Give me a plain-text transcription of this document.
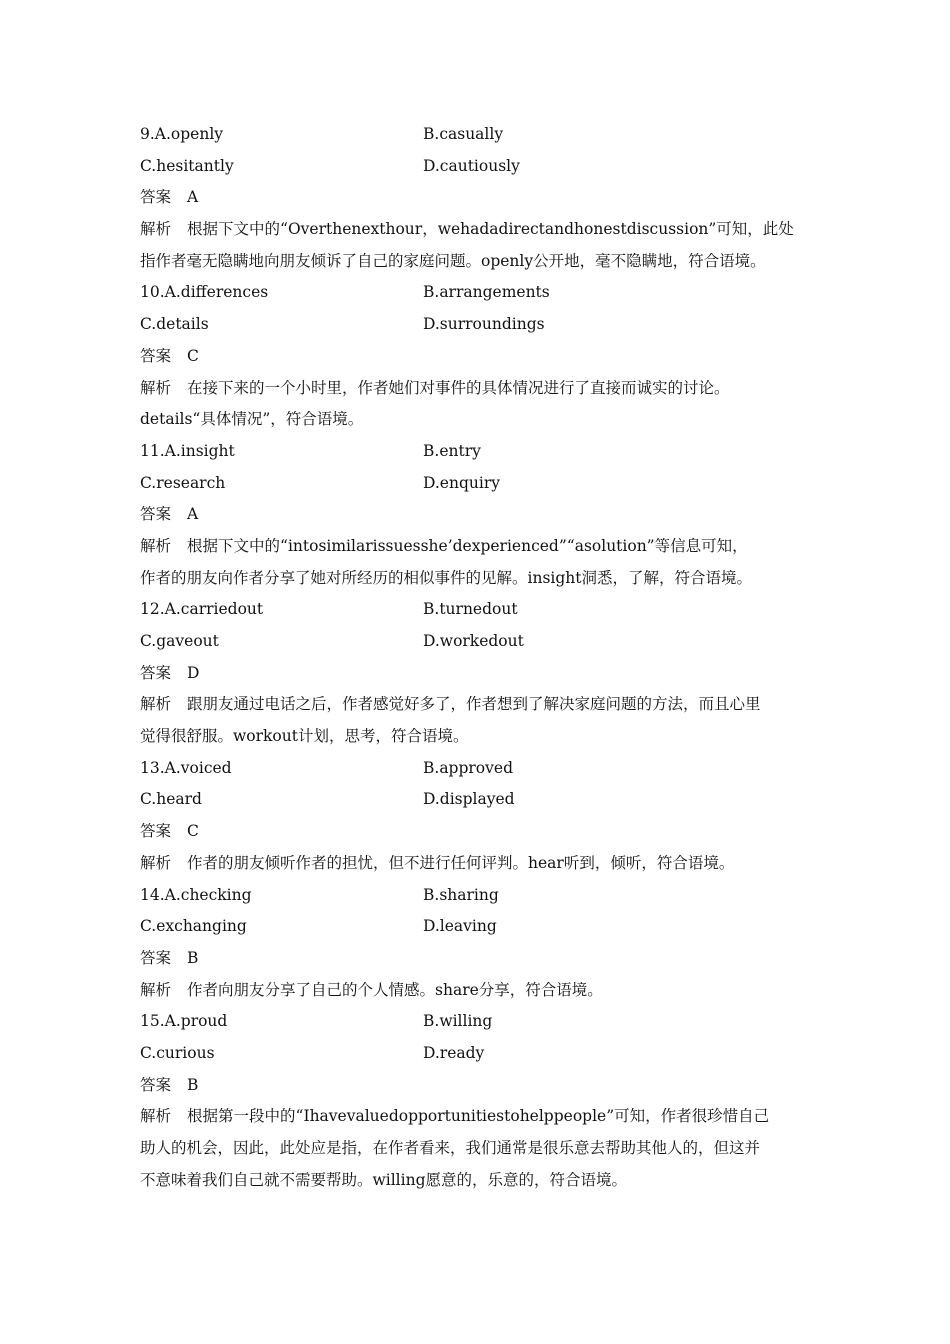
9.A.openly	B.casually
C.hesitantly	D.cautiously
答案 A
解析 根据下文中的“Overthenexthour，wehadadirectandhonestdiscussion”可知，此处
指作者毫无隐瞒地向朋友倾诉了自己的家庭问题。openly公开地，毫不隐瞒地，符合语境。
10.A.differences	B.arrangements
C.details	D.surroundings
答案 C
解析 在接下来的一个小时里，作者她们对事件的具体情况进行了直接而诚实的讨论。
details“具体情况”，符合语境。
11.A.insight	B.entry
C.research	D.enquiry
答案 A
解析 根据下文中的“intosimilarissuesshe’dexperienced”“asolution”等信息可知，
作者的朋友向作者分享了她对所经历的相似事件的见解。insight洞悉，了解，符合语境。
12.A.carriedout	B.turnedout
C.gaveout	D.workedout
答案 D
解析 跟朋友通过电话之后，作者感觉好多了，作者想到了解决家庭问题的方法，而且心里
觉得很舒服。workout计划，思考，符合语境。
13.A.voiced	B.approved
C.heard	D.displayed
答案 C
解析 作者的朋友倾听作者的担忧，但不进行任何评判。hear听到，倾听，符合语境。
14.A.checking	B.sharing
C.exchanging	D.leaving
答案 B
解析 作者向朋友分享了自己的个人情感。share分享，符合语境。
15.A.proud	B.willing
C.curious	D.ready
答案 B
解析 根据第一段中的“Ihavevaluedopportunitiestohelppeople”可知，作者很珍惜自己
助人的机会，因此，此处应是指，在作者看来，我们通常是很乐意去帮助其他人的，但这并
不意味着我们自己就不需要帮助。willing愿意的，乐意的，符合语境。
